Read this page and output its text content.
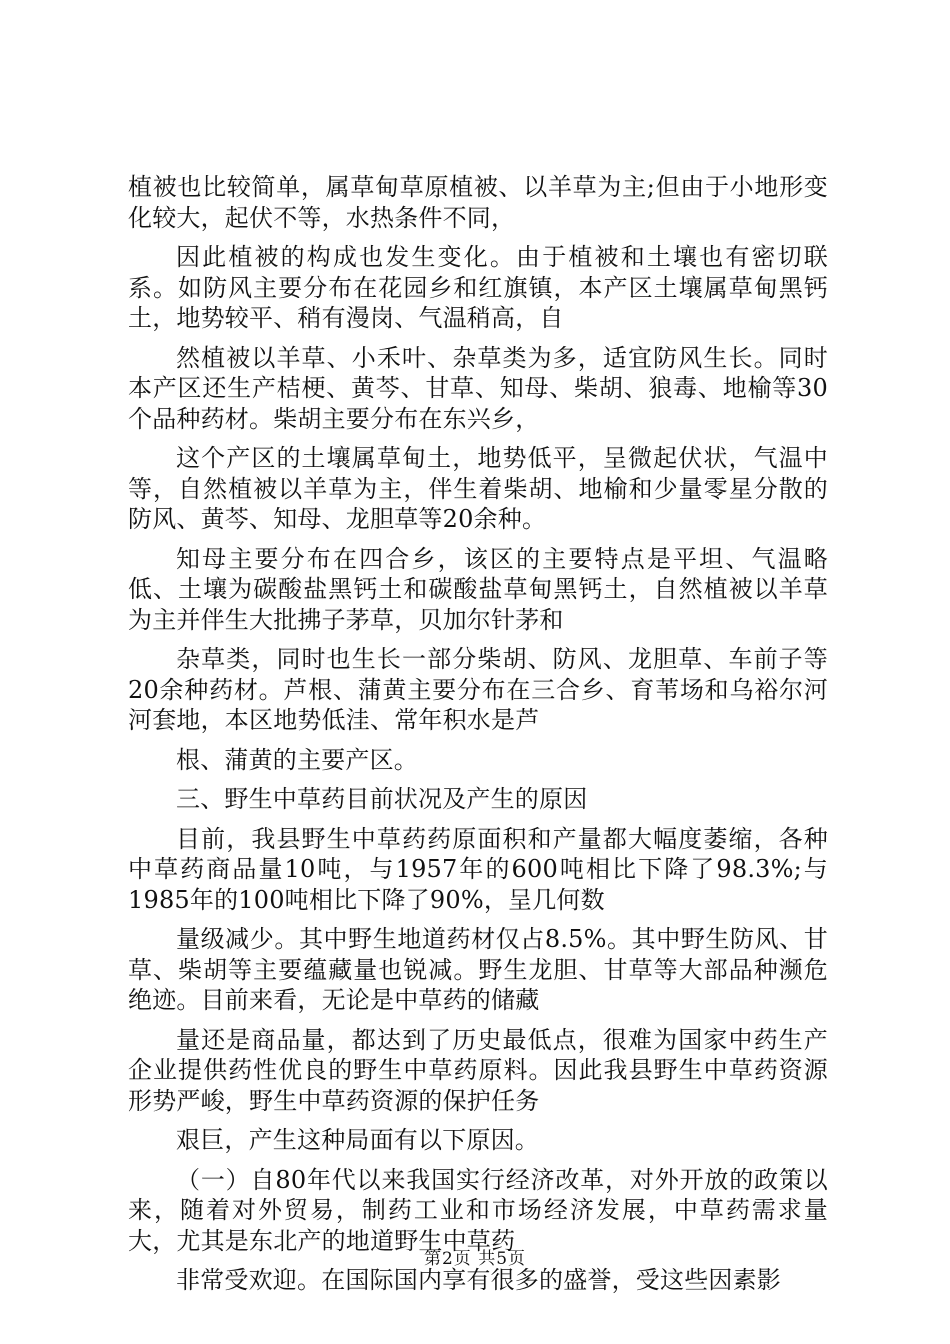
植被也比较简单，属草甸草原植被、以羊草为主;但由于小地形变化较大，起伏不等，水热条件不同，

因此植被的构成也发生变化。由于植被和土壤也有密切联系。如防风主要分布在花园乡和红旗镇，本产区土壤属草甸黑钙土，地势较平、稍有漫岗、气温稍高，自

然植被以羊草、小禾叶、杂草类为多，适宜防风生长。同时本产区还生产桔梗、黄芩、甘草、知母、柴胡、狼毒、地榆等30个品种药材。柴胡主要分布在东兴乡，

这个产区的土壤属草甸土，地势低平，呈微起伏状，气温中等，自然植被以羊草为主，伴生着柴胡、地榆和少量零星分散的防风、黄芩、知母、龙胆草等20余种。

知母主要分布在四合乡，该区的主要特点是平坦、气温略低、土壤为碳酸盐黑钙土和碳酸盐草甸黑钙土，自然植被以羊草为主并伴生大批拂子茅草，贝加尔针茅和

杂草类，同时也生长一部分柴胡、防风、龙胆草、车前子等20余种药材。芦根、蒲黄主要分布在三合乡、育苇场和乌裕尔河河套地，本区地势低洼、常年积水是芦

根、蒲黄的主要产区。

三、野生中草药目前状况及产生的原因

目前，我县野生中草药药原面积和产量都大幅度萎缩，各种中草药商品量10吨，与1957年的600吨相比下降了98.3%;与1985年的100吨相比下降了90%，呈几何数

量级减少。其中野生地道药材仅占8.5%。其中野生防风、甘草、柴胡等主要蕴藏量也锐减。野生龙胆、甘草等大部品种濒危绝迹。目前来看，无论是中草药的储藏

量还是商品量，都达到了历史最低点，很难为国家中药生产企业提供药性优良的野生中草药原料。因此我县野生中草药资源形势严峻，野生中草药资源的保护任务

艰巨，产生这种局面有以下原因。

（一）自80年代以来我国实行经济改革，对外开放的政策以来，随着对外贸易，制药工业和市场经济发展，中草药需求量大，尤其是东北产的地道野生中草药

非常受欢迎。在国际国内享有很多的盛誉，受这些因素影

第2页 共5页
